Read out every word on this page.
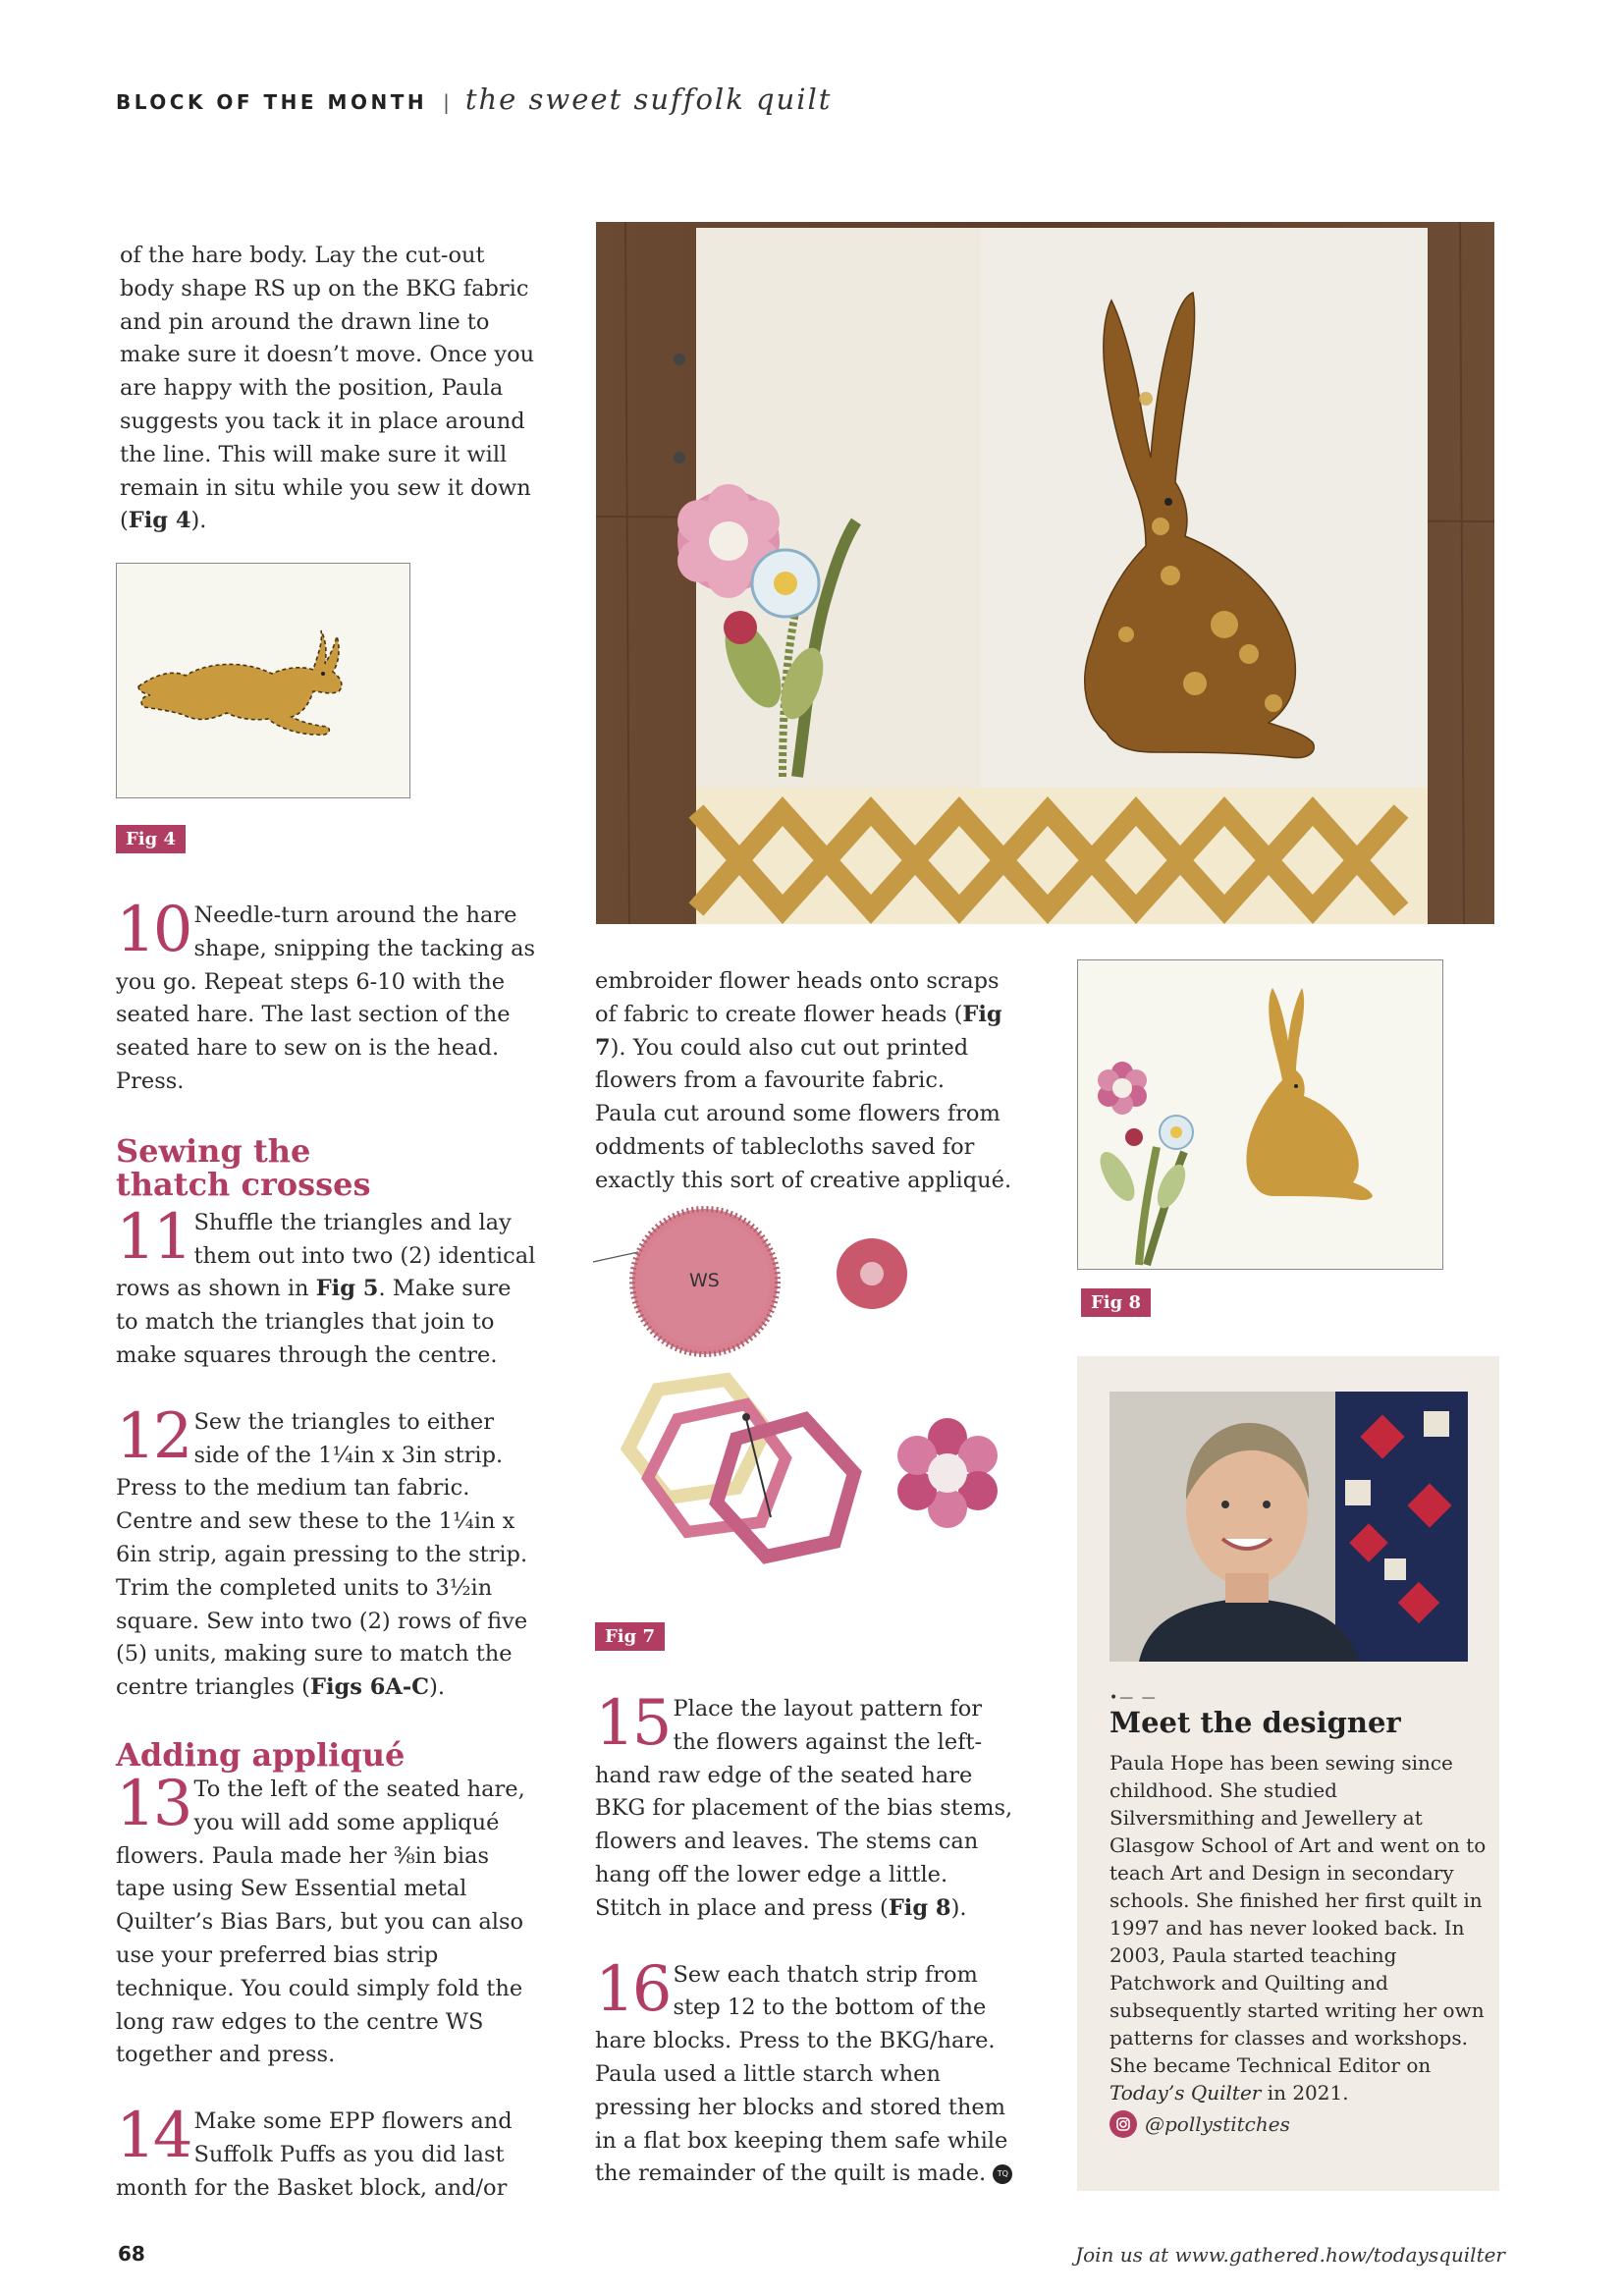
BLOCK OF THE MONTH | the sweet suffolk quilt

of the hare body. Lay the cut-out body shape RS up on the BKG fabric and pin around the drawn line to make sure it doesn’t move. Once you are happy with the position, Paula suggests you tack it in place around the line. This will make sure it will remain in situ while you sew it down (Fig 4).

Fig 4
10 Needle-turn around the hare shape, snipping the tacking as you go. Repeat steps 6-10 with the seated hare. The last section of the seated hare to sew on is the head. Press.
Sewing the thatch crosses
11 Shuffle the triangles and lay them out into two (2) identical rows as shown in Fig 5. Make sure to match the triangles that join to make squares through the centre.
12 Sew the triangles to either side of the 1¼in x 3in strip. Press to the medium tan fabric. Centre and sew these to the 1¼in x 6in strip, again pressing to the strip. Trim the completed units to 3½in square. Sew into two (2) rows of five (5) units, making sure to match the centre triangles (Figs 6A-C).
Adding appliqué
13 To the left of the seated hare, you will add some appliqué flowers. Paula made her ⅜in bias tape using Sew Essential metal Quilter’s Bias Bars, but you can also use your preferred bias strip technique. You could simply fold the long raw edges to the centre WS together and press.
14 Make some EPP flowers and Suffolk Puffs as you did last month for the Basket block, and/or

embroider flower heads onto scraps of fabric to create flower heads (Fig 7). You could also cut out printed flowers from a favourite fabric. Paula cut around some flowers from oddments of tablecloths saved for exactly this sort of creative appliqué.

WS
Fig 7
15 Place the layout pattern for the flowers against the left-hand raw edge of the seated hare BKG for placement of the bias stems, flowers and leaves. The stems can hang off the lower edge a little. Stitch in place and press (Fig 8).
16 Sew each thatch strip from step 12 to the bottom of the hare blocks. Press to the BKG/hare. Paula used a little starch when pressing her blocks and stored them in a flat box keeping them safe while the remainder of the quilt is made. TQ
Fig 8
•— —
Meet the designer
Paula Hope has been sewing since childhood. She studied Silversmithing and Jewellery at Glasgow School of Art and went on to teach Art and Design in secondary schools. She finished her first quilt in 1997 and has never looked back. In 2003, Paula started teaching Patchwork and Quilting and subsequently started writing her own patterns for classes and workshops. She became Technical Editor on Today’s Quilter in 2021.
@pollystitches
68	Join us at www.gathered.how/todaysquilter
